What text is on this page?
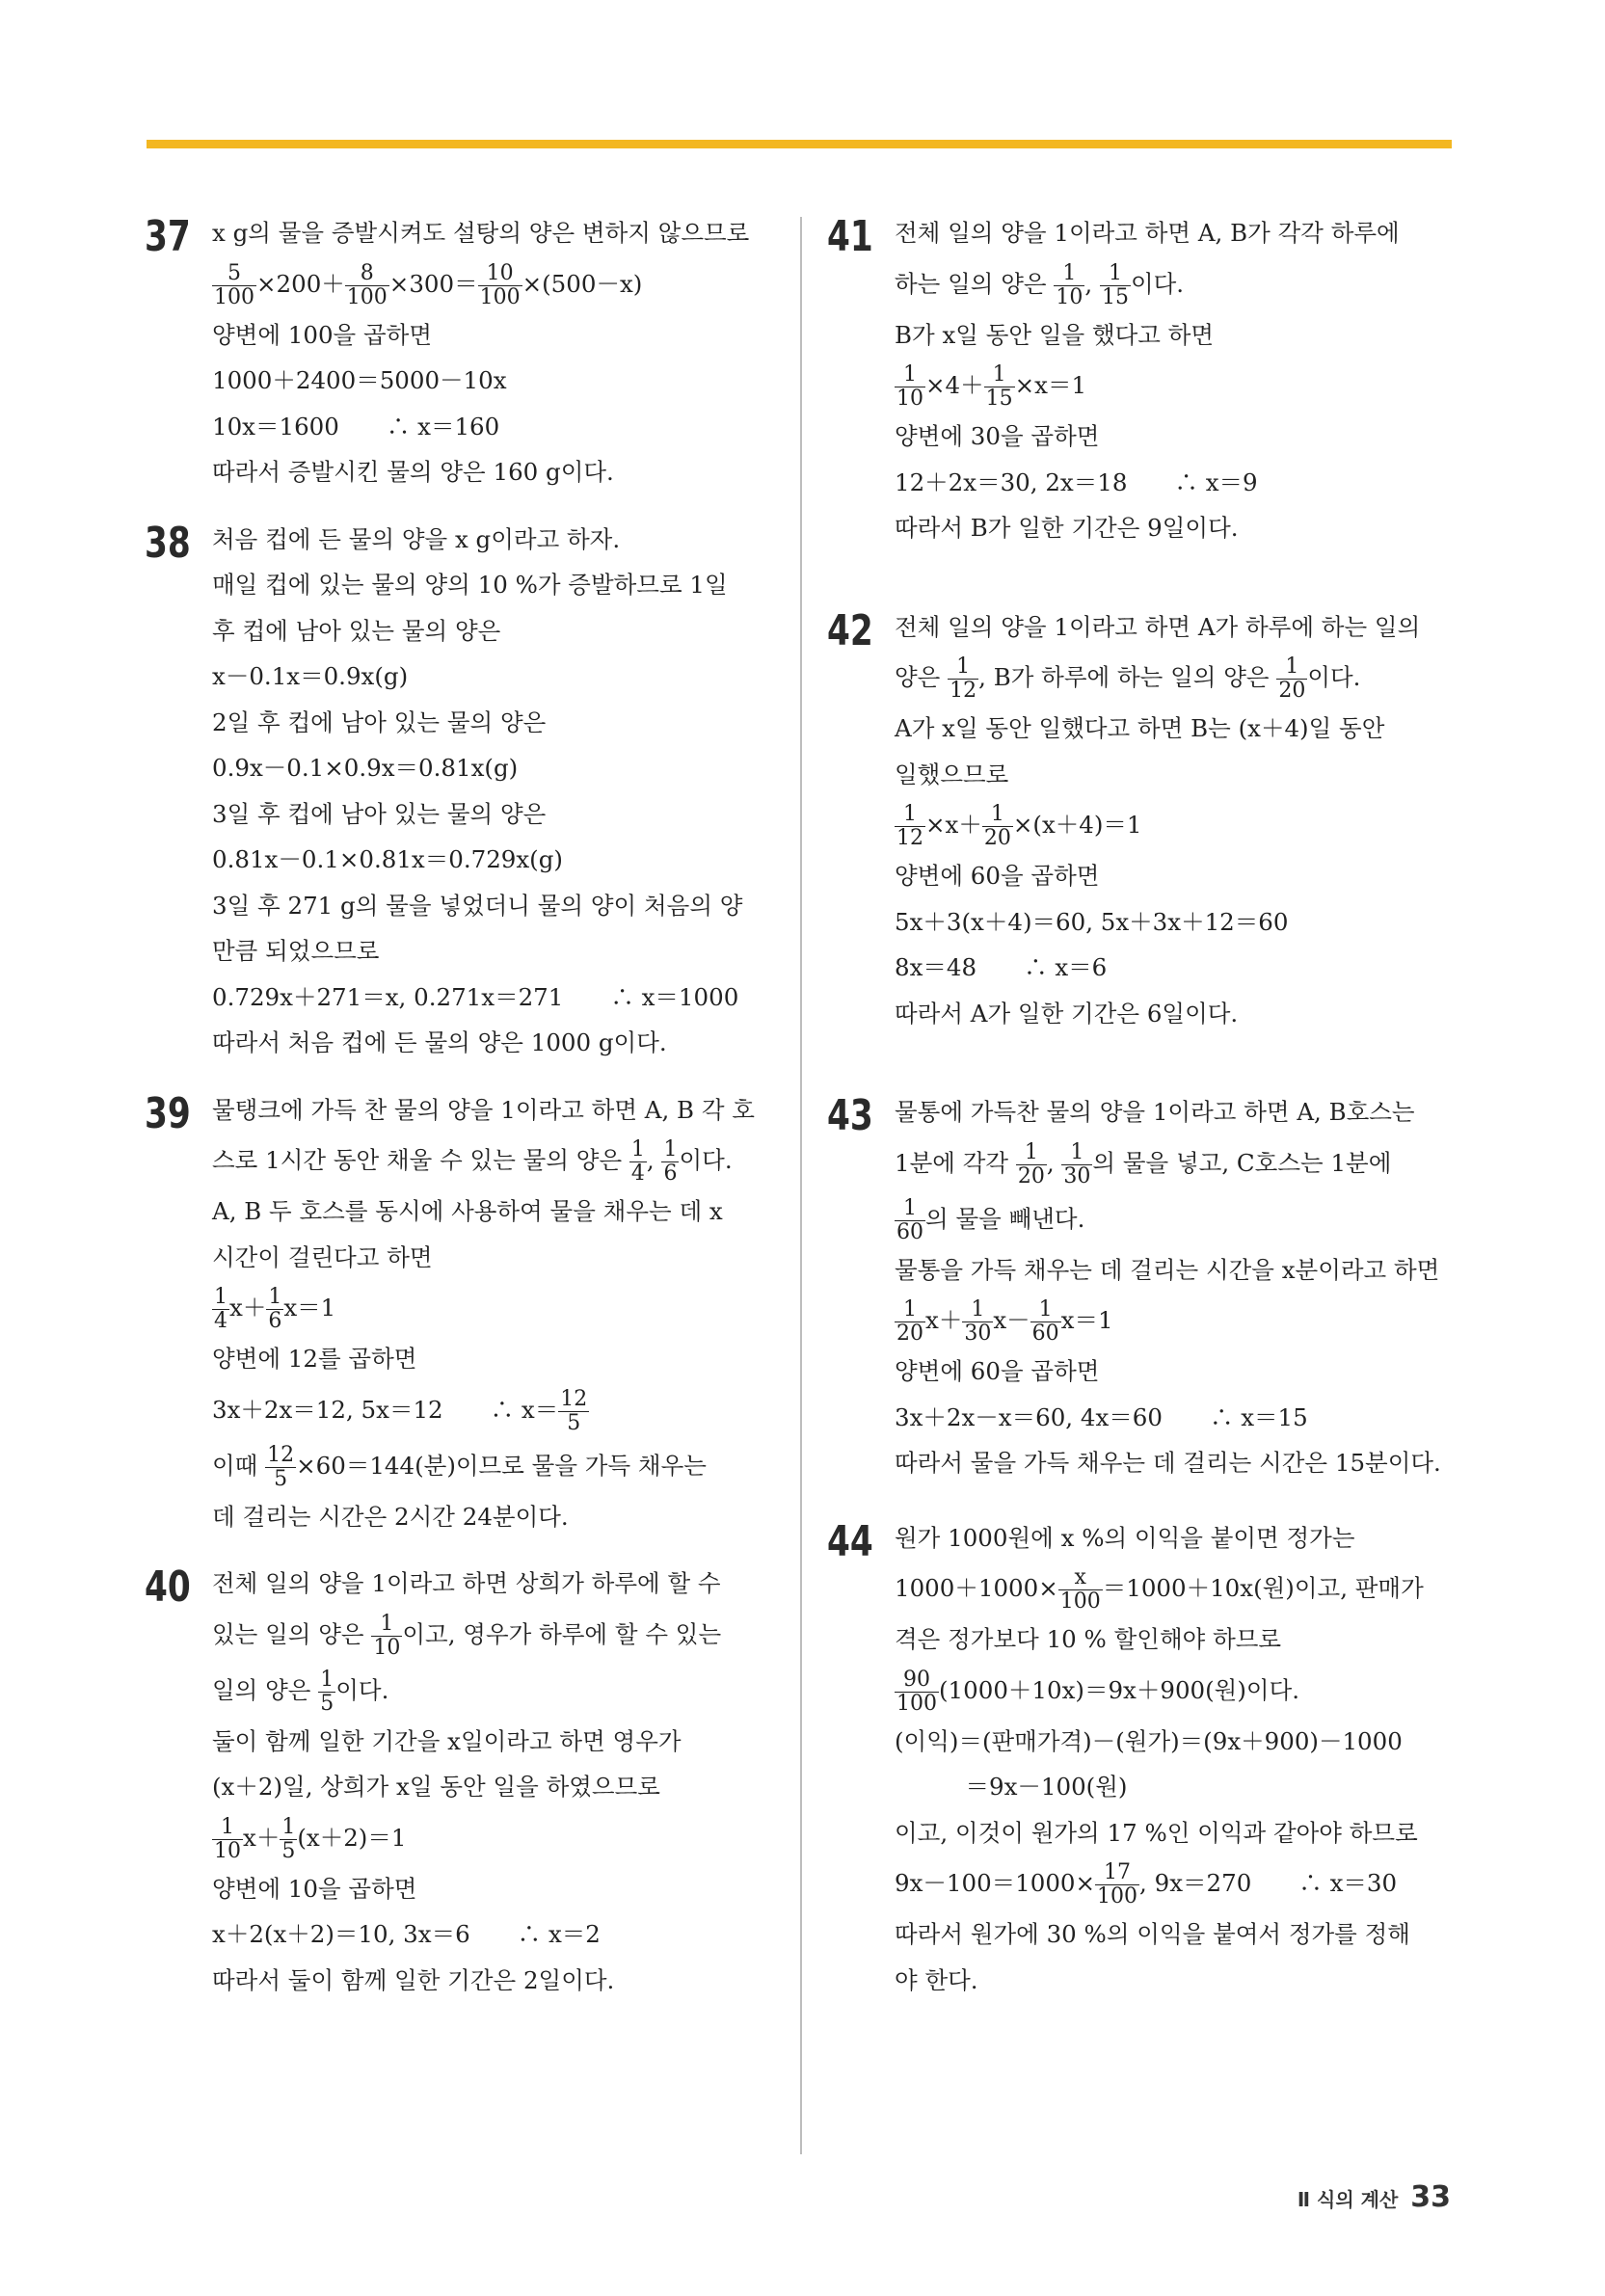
37 x g의 물을 증발시켜도 설탕의 양은 변하지 않으므로
$\frac{5}{100} \times 200+ \frac{8}{100} \times 300= \frac{10}{100} \times(500-x)$
양변에 100을 곱하면
1000＋2400＝5000－10x
10x＝1600　　∴ x＝160
따라서 증발시킨 물의 양은 160 g이다.
38 처음 컵에 든 물의 양을 x g이라고 하자.
매일 컵에 있는 물의 양의 10 %가 증발하므로 1일
후 컵에 남아 있는 물의 양은
x－0.1x＝0.9x(g)
2일 후 컵에 남아 있는 물의 양은
0.9x－0.1×0.9x＝0.81x(g)
3일 후 컵에 남아 있는 물의 양은
0.81x－0.1×0.81x＝0.729x(g)
3일 후 271 g의 물을 넣었더니 물의 양이 처음의 양
만큼 되었으므로
0.729x＋271＝x, 0.271x＝271　　∴ x＝1000
따라서 처음 컵에 든 물의 양은 1000 g이다.
39 물탱크에 가득 찬 물의 양을 1이라고 하면 A, B 각 호
스로 1시간 동안 채울 수 있는 물의 양은 $\frac{1}{4}$ , $\frac{1}{6}$ 이다.
A, B 두 호스를 동시에 사용하여 물을 채우는 데 x
시간이 걸린다고 하면
$\frac{1}{4} x+ \frac{1}{6} x=1$
양변에 12를 곱하면
3x＋2x＝12, 5x＝12　　∴ $x= \frac{12}{5}$
이때 $\frac{12}{5} \times 60=144$(분)이므로 물을 가득 채우는
데 걸리는 시간은 2시간 24분이다.
40 전체 일의 양을 1이라고 하면 상희가 하루에 할 수
있는 일의 양은 $\frac{1}{10}$ 이고, 영우가 하루에 할 수 있는
일의 양은 $\frac{1}{5}$ 이다.
둘이 함께 일한 기간을 x일이라고 하면 영우가
(x＋2)일, 상희가 x일 동안 일을 하였으므로
$\frac{1}{10} x+ \frac{1}{5} (x+2)=1$
양변에 10을 곱하면
x＋2(x＋2)＝10, 3x＝6　　∴ x＝2
따라서 둘이 함께 일한 기간은 2일이다.
41 전체 일의 양을 1이라고 하면 A, B가 각각 하루에
하는 일의 양은 $\frac{1}{10}$ , $\frac{1}{15}$ 이다.
B가 x일 동안 일을 했다고 하면
$\frac{1}{10} \times 4+ \frac{1}{15} \times x=1$
양변에 30을 곱하면
12＋2x＝30, 2x＝18　　∴ x＝9
따라서 B가 일한 기간은 9일이다.
42 전체 일의 양을 1이라고 하면 A가 하루에 하는 일의
양은 $\frac{1}{12}$ , B가 하루에 하는 일의 양은 $\frac{1}{20}$ 이다.
A가 x일 동안 일했다고 하면 B는 (x＋4)일 동안
일했으므로
$\frac{1}{12} \times x+ \frac{1}{20} \times(x+4)=1$
양변에 60을 곱하면
5x＋3(x＋4)＝60, 5x＋3x＋12＝60
8x＝48　　∴ x＝6
따라서 A가 일한 기간은 6일이다.
43 물통에 가득찬 물의 양을 1이라고 하면 A, B호스는
1분에 각각 $\frac{1}{20}$ , $\frac{1}{30}$ 의 물을 넣고, C호스는 1분에
$\frac{1}{60}$ 의 물을 빼낸다.
물통을 가득 채우는 데 걸리는 시간을 x분이라고 하면
$\frac{1}{20} x+ \frac{1}{30} x- \frac{1}{60} x=1$
양변에 60을 곱하면
3x＋2x－x＝60, 4x＝60　　∴ x＝15
따라서 물을 가득 채우는 데 걸리는 시간은 15분이다.
44 원가 1000원에 x %의 이익을 붙이면 정가는
$1000+1000\times \frac{x}{100} =1000+10x$(원)이고, 판매가
격은 정가보다 10 % 할인해야 하므로
$\frac{90}{100} (1000+10x)=9x+900$(원)이다.
(이익)＝(판매가격)－(원가)＝(9x＋900)－1000
　　　＝9x－100(원)
이고, 이것이 원가의 17 %인 이익과 같아야 하므로
$9x-100=1000\times \frac{17}{100}$ , 9x＝270　　∴ x＝30
따라서 원가에 30 %의 이익을 붙여서 정가를 정해
야 한다.
Ⅱ 식의 계산 33
